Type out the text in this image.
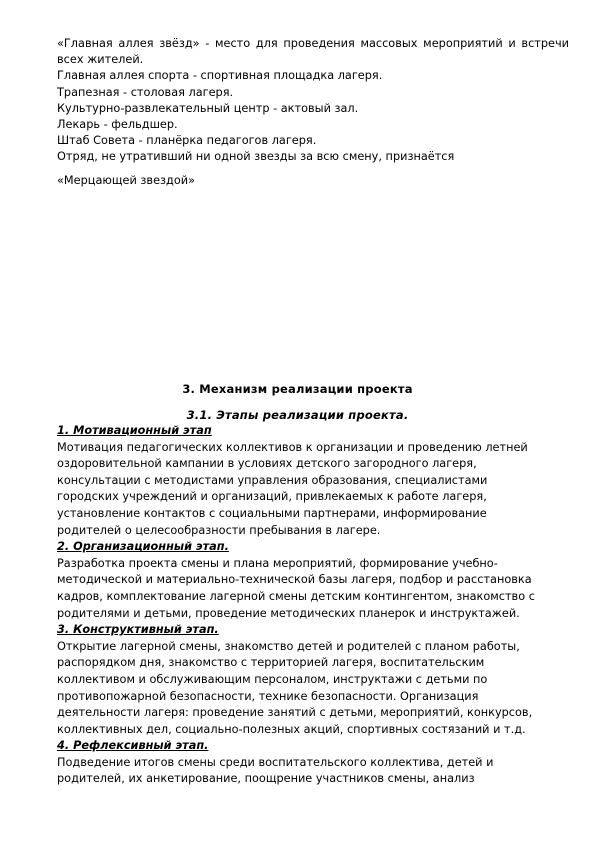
«Главная аллея звёзд» - место для проведения массовых мероприятий и встречи всех жителей.

Главная аллея спорта - спортивная площадка лагеря.

Трапезная - столовая лагеря.

Культурно-развлекательный центр - актовый зал.

Лекарь - фельдшер.

Штаб Совета - планёрка педагогов лагеря.

Отряд, не утративший ни одной звезды за всю смену, признаётся

«Мерцающей звездой»

3. Механизм реализации проекта
3.1. Этапы реализации проекта.

1. Мотивационный этап

Мотивация педагогических коллективов к организации и проведению летней

оздоровительной кампании в условиях детского загородного лагеря,

консультации с методистами управления образования, специалистами

городских учреждений и организаций, привлекаемых к работе лагеря,

установление контактов с социальными партнерами, информирование

родителей о целесообразности пребывания в лагере.

2. Организационный этап.

Разработка проекта смены и плана мероприятий, формирование учебно-

методической и материально-технической базы лагеря, подбор и расстановка

кадров, комплектование лагерной смены детским контингентом, знакомство с

родителями и детьми, проведение методических планерок и инструктажей.

3. Конструктивный этап.

Открытие лагерной смены, знакомство детей и родителей с планом работы,

распорядком дня, знакомство с территорией лагеря, воспитательским

коллективом и обслуживающим персоналом, инструктажи с детьми по

противопожарной безопасности, технике безопасности. Организация

деятельности лагеря: проведение занятий с детьми, мероприятий, конкурсов,

коллективных дел, социально-полезных акций, спортивных состязаний и т.д.

4. Рефлексивный этап.

Подведение итогов смены среди воспитательского коллектива, детей и

родителей, их анкетирование, поощрение участников смены, анализ
